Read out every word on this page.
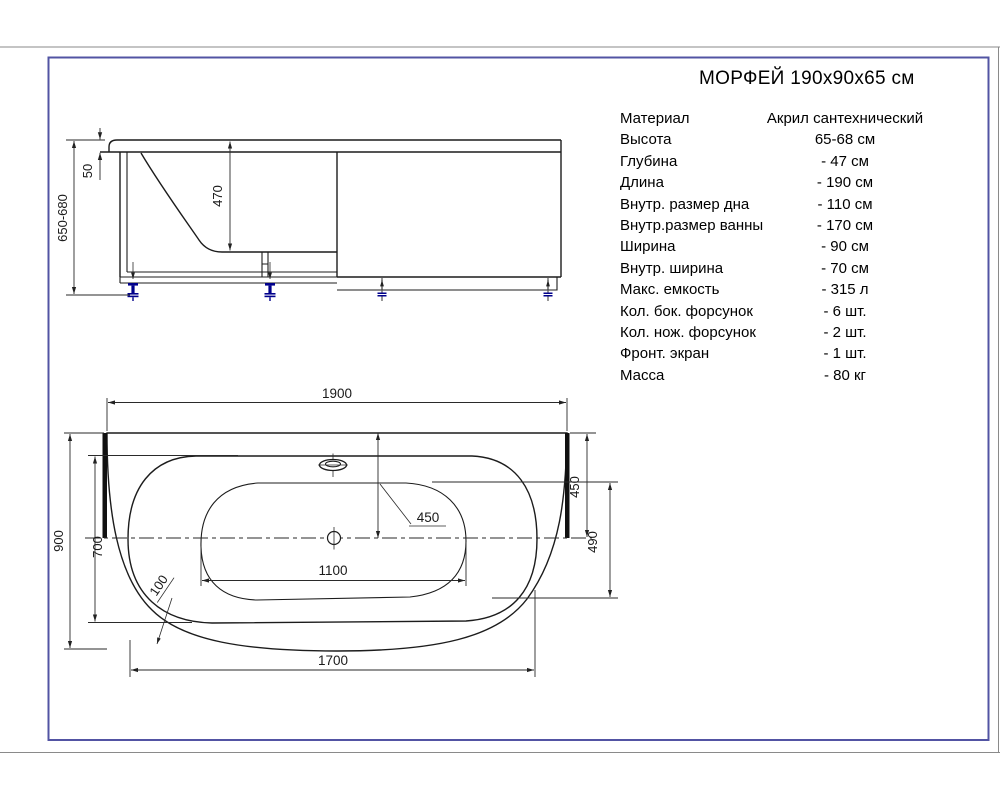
650-680
50
470
1900
900 700
450
450
490
1100
100
1700
МОРФЕЙ 190х90х65 см
Материал	Акрил сантехнический
Высота	65-68 см
Глубина	- 47 см
Длина	- 190 см
Внутр. размер дна	- 110 см
Внутр.размер ванны	- 170 см
Ширина	- 90 см
Внутр. ширина	- 70 см
Макс. емкость	- 315 л
Кол. бок. форсунок	- 6 шт.
Кол. нож. форсунок	- 2 шт.
Фронт. экран	- 1 шт.
Масса	- 80 кг
